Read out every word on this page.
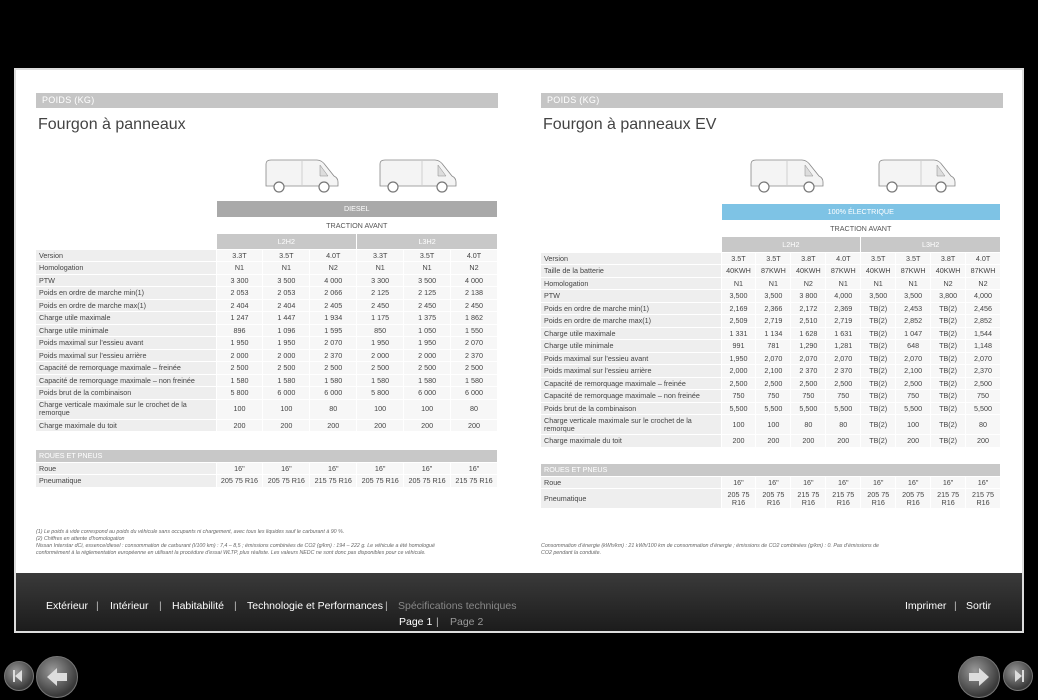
POIDS (KG)
Fourgon à panneaux
	DIESEL					
	TRACTION AVANT					
	L2H2			L3H2		
Version	3.3T	3.5T	4.0T	3.3T	3.5T	4.0T
Homologation	N1	N1	N2	N1	N1	N2
PTW	3 300	3 500	4 000	3 300	3 500	4 000
Poids en ordre de marche min(1)	2 053	2 053	2 066	2 125	2 125	2 138
Poids en ordre de marche max(1)	2 404	2 404	2 405	2 450	2 450	2 450
Charge utile maximale	1 247	1 447	1 934	1 175	1 375	1 862
Charge utile minimale	896	1 096	1 595	850	1 050	1 550
Poids maximal sur l’essieu avant	1 950	1 950	2 070	1 950	1 950	2 070
Poids maximal sur l’essieu arrière	2 000	2 000	2 370	2 000	2 000	2 370
Capacité de remorquage maximale – freinée	2 500	2 500	2 500	2 500	2 500	2 500
Capacité de remorquage maximale – non freinée	1 580	1 580	1 580	1 580	1 580	1 580
Poids brut de la combinaison	5 800	6 000	6 000	5 800	6 000	6 000
Charge verticale maximale sur le crochet de la remorque	100	100	80	100	100	80
Charge maximale du toit	200	200	200	200	200	200
ROUES ET PNEUS						
Roue	16"	16"	16"	16"	16"	16"
Pneumatique	205 75 R16	205 75 R16	215 75 R16	205 75 R16	205 75 R16	215 75 R16
(1) Le poids à vide correspond au poids du véhicule sans occupants ni chargement, avec tous les liquides sauf le carburant à 90 %.
(2) Chiffres en attente d'homologation
Nissan Interstar dCi, essence/diesel : consommation de carburant (l/100 km) : 7,4 – 8,5 ; émissions combinées de CO2 (g/km) : 194 – 222 g. Le véhicule a été homologué
conformément à la réglementation européenne en utilisant la procédure d'essai WLTP, plus réaliste. Les valeurs NEDC ne sont donc pas disponibles pour ce véhicule.
POIDS (KG)
Fourgon à panneaux EV
	100% ÉLECTRIQUE							
	TRACTION AVANT							
	L2H2				L3H2			
Version	3.5T	3.5T	3.8T	4.0T	3.5T	3.5T	3.8T	4.0T
Taille de la batterie	40KWH	87KWH	40KWH	87KWH	40KWH	87KWH	40KWH	87KWH
Homologation	N1	N1	N2	N1	N1	N1	N2	N2
PTW	3,500	3,500	3 800	4,000	3,500	3,500	3,800	4,000
Poids en ordre de marche min(1)	2,169	2,366	2,172	2,369	TB(2)	2,453	TB(2)	2,456
Poids en ordre de marche max(1)	2,509	2,719	2,510	2,719	TB(2)	2,852	TB(2)	2,852
Charge utile maximale	1 331	1 134	1 628	1 631	TB(2)	1 047	TB(2)	1,544
Charge utile minimale	991	781	1,290	1,281	TB(2)	648	TB(2)	1,148
Poids maximal sur l’essieu avant	1,950	2,070	2,070	2,070	TB(2)	2,070	TB(2)	2,070
Poids maximal sur l’essieu arrière	2,000	2,100	2 370	2 370	TB(2)	2,100	TB(2)	2,370
Capacité de remorquage maximale – freinée	2,500	2,500	2,500	2,500	TB(2)	2,500	TB(2)	2,500
Capacité de remorquage maximale – non freinée	750	750	750	750	TB(2)	750	TB(2)	750
Poids brut de la combinaison	5,500	5,500	5,500	5,500	TB(2)	5,500	TB(2)	5,500
Charge verticale maximale sur le crochet de la remorque	100	100	80	80	TB(2)	100	TB(2)	80
Charge maximale du toit	200	200	200	200	TB(2)	200	TB(2)	200
ROUES ET PNEUS								
Roue	16"	16"	16"	16"	16"	16"	16"	16"
Pneumatique	205 75 R16	205 75 R16	215 75 R16	215 75 R16	205 75 R16	205 75 R16	215 75 R16	215 75 R16
Consommation d’énergie (kWh/km) : 21 kWh/100 km de consommation d’énergie ; émissions de CO2 combinées (g/km) : 0. Pas d’émissions de
CO2 pendant la conduite.
Extérieur | Intérieur | Habitabilité | Technologie et Performances | Spécifications techniques
Page 1 | Page 2
Imprimer | Sortir
